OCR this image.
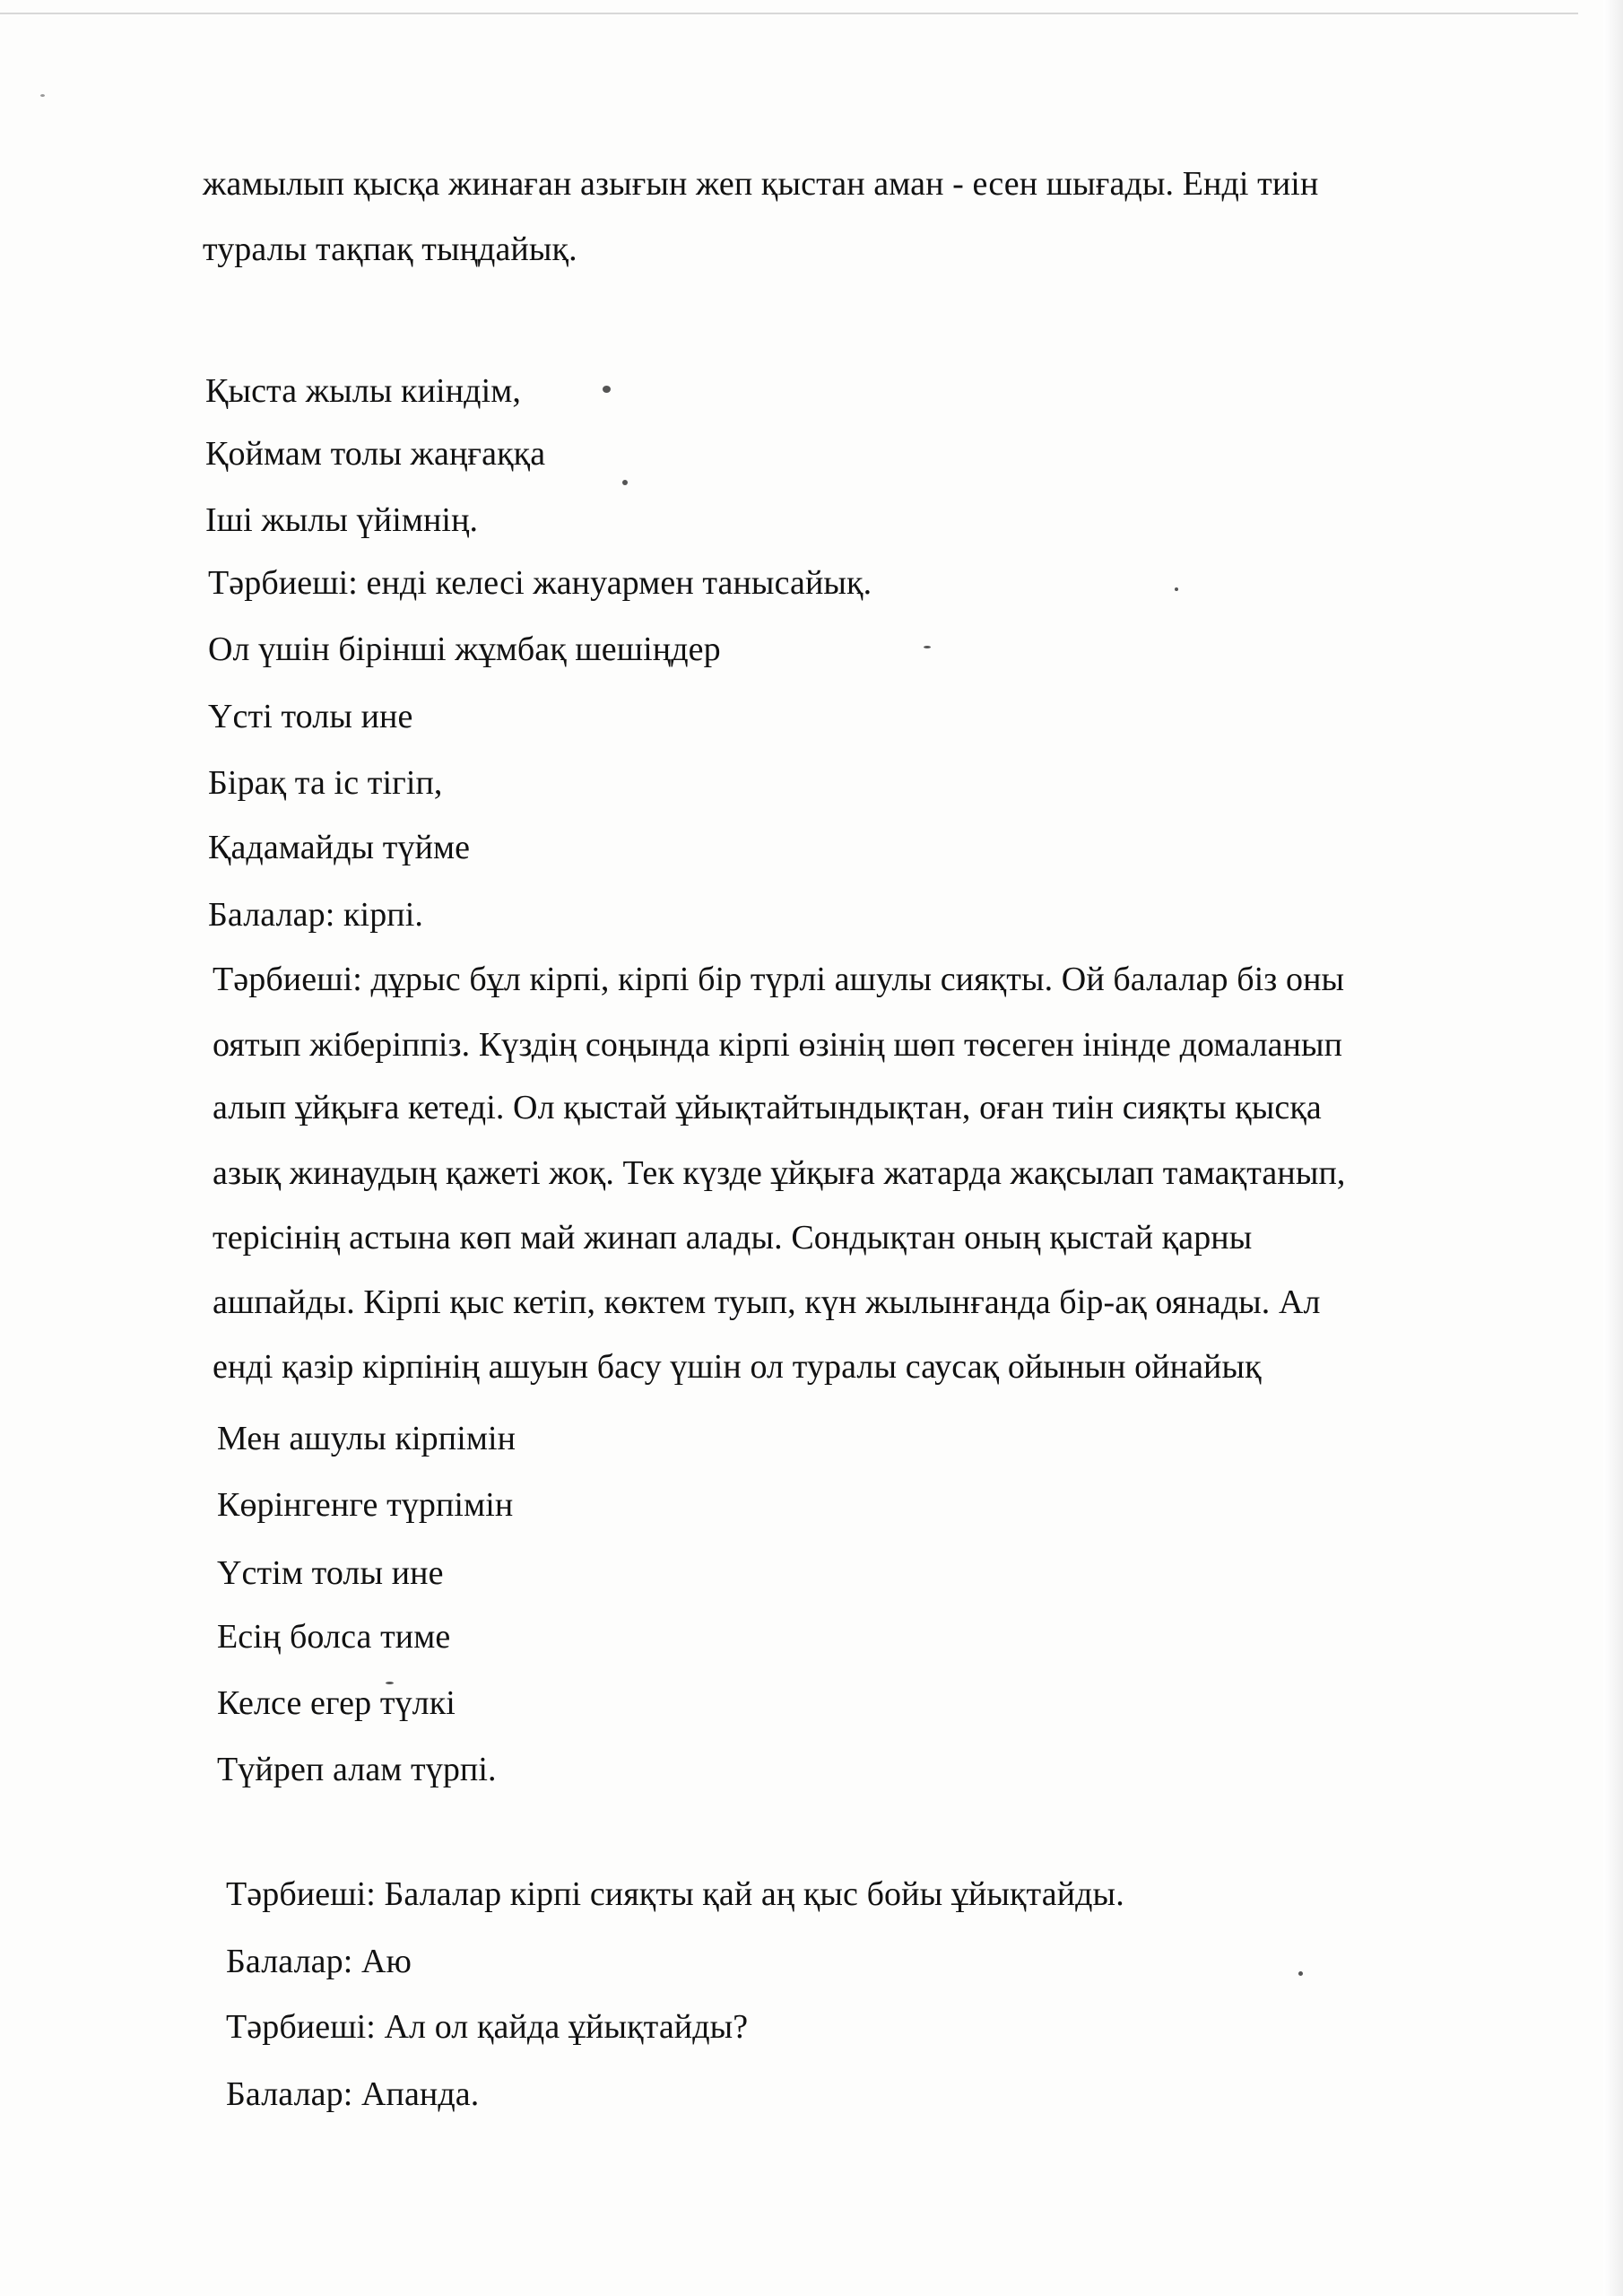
жамылып қысқа жинаған азығын жеп қыстан аман - есен шығады. Енді тиін
туралы тақпақ тыңдайық.
Қыста жылы киіндім,
Қоймам толы жаңғаққа
Іші жылы үйімнің.
Тәрбиеші: енді келесі жануармен танысайық.
Ол үшін бірінші жұмбақ шешіңдер
Үсті толы ине
Бірақ та іс тігіп,
Қадамайды түйме
Балалар: кірпі.
Тәрбиеші: дұрыс бұл кірпі, кірпі бір түрлі ашулы сияқты. Ой балалар біз оны
оятып жіберіппіз. Күздің соңында кірпі өзінің шөп төсеген інінде домаланып
алып ұйқыға кетеді. Ол қыстай ұйықтайтындықтан, оған тиін сияқты қысқа
азық жинаудың қажеті жоқ. Тек күзде ұйқыға жатарда жақсылап тамақтанып,
терісінің астына көп май жинап алады. Сондықтан оның қыстай қарны
ашпайды. Кірпі қыс кетіп, көктем туып, күн жылынғанда бір-ақ оянады. Ал
енді қазір кірпінің ашуын басу үшін ол туралы саусақ ойынын ойнайық
Мен ашулы кірпімін
Көрінгенге түрпімін
Үстім толы ине
Есің болса тиме
Келсе егер түлкі
Түйреп алам түрпі.
Тәрбиеші: Балалар кірпі сияқты қай аң қыс бойы ұйықтайды.
Балалар: Аю
Тәрбиеші: Ал ол қайда ұйықтайды?
Балалар: Апанда.
